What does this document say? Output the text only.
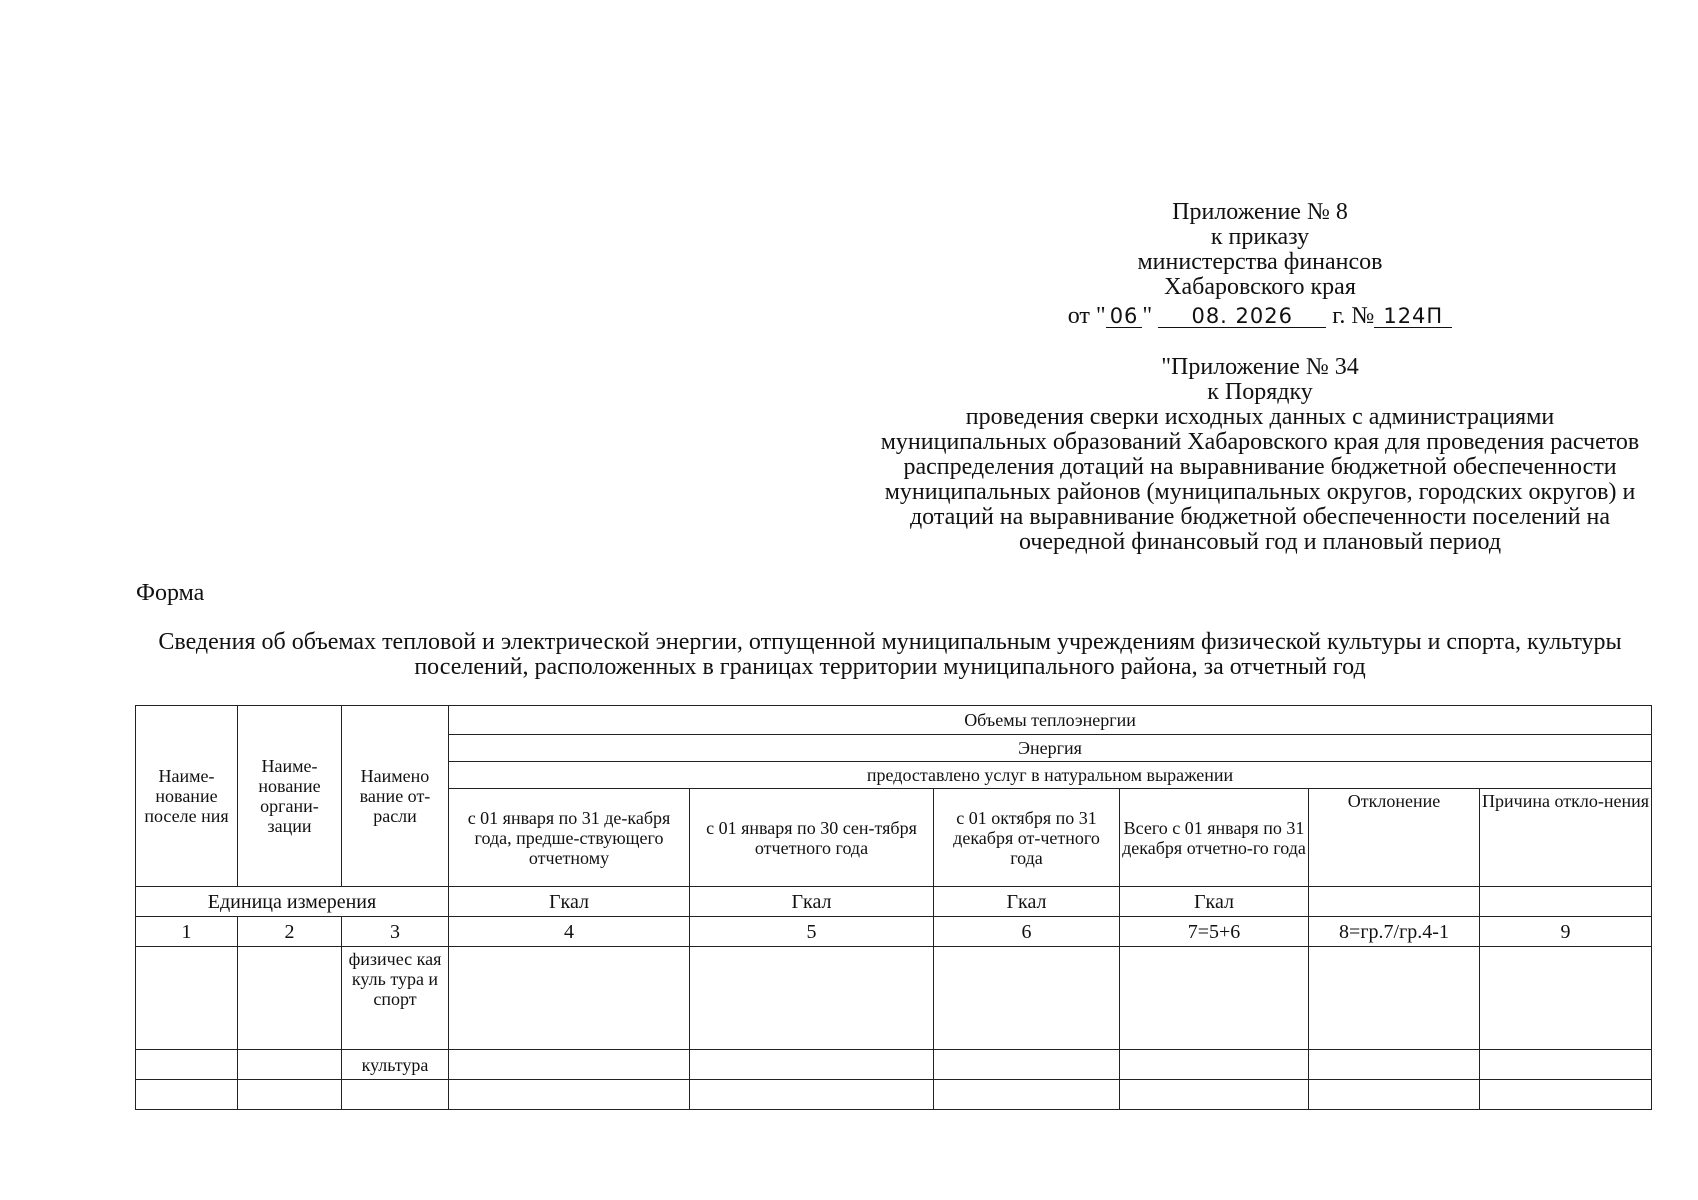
Приложение № 8
к приказу
министерства финансов
Хабаровского края
от " 06 " 08. 2026 г. № 124П
"Приложение № 34
к Порядку
проведения сверки исходных данных с администрациями муниципальных образований Хабаровского края для проведения расчетов распределения дотаций на выравнивание бюджетной обеспеченности муниципальных районов (муниципальных округов, городских округов) и дотаций на выравнивание бюджетной обеспеченности поселений на очередной финансовый год и плановый период
Форма
Сведения об объемах тепловой и электрической энергии, отпущенной муниципальным учреждениям физической культуры и спорта, культуры поселений, расположенных в границах территории муниципального района, за отчетный год
Наиме-нование поселе ния	Наиме-нование органи-зации	Наимено вание от-расли	Объемы теплоэнергии					
			Энергия					
			предоставлено услуг в натуральном выражении					
			с 01 января по 31 де-кабря года, предше-ствующего отчетному	с 01 января по 30 сен-тября отчетного года	с 01 октября по 31 декабря от-четного года	Всего с 01 января по 31 декабря отчетно-го года	Отклонение	Причина откло-нения
Единица измерения			Гкал	Гкал	Гкал	Гкал		
1	2	3	4	5	6	7=5+6	8=гр.7/гр.4-1	9
		физичес кая куль тура и спорт						
		культура						
